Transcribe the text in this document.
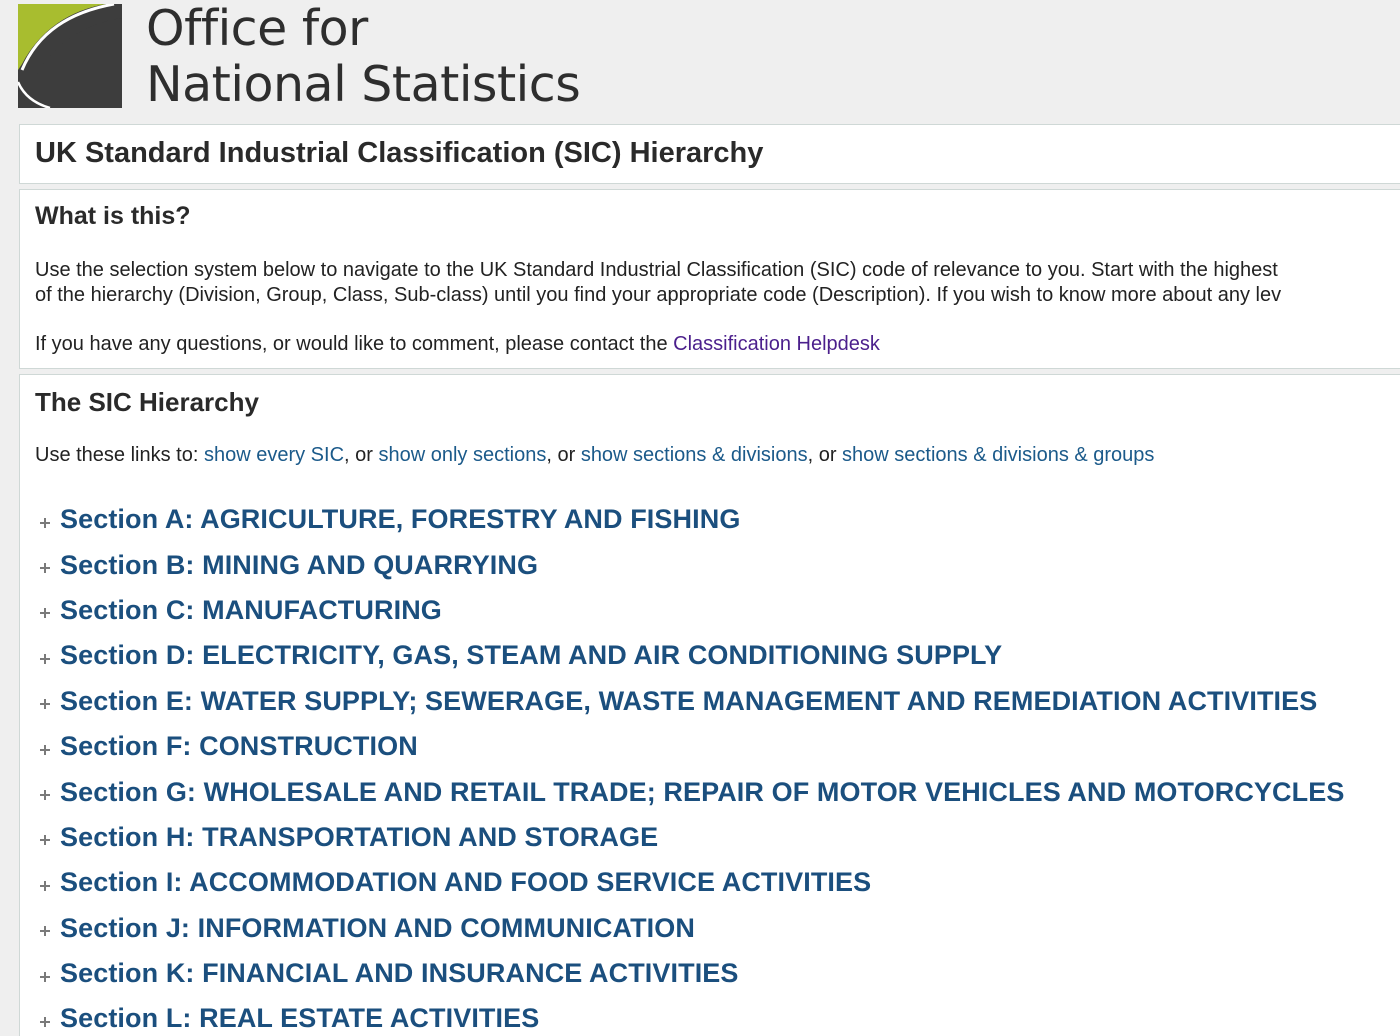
Office for
National Statistics
UK Standard Industrial Classification (SIC) Hierarchy
What is this?

Use the selection system below to navigate to the UK Standard Industrial Classification (SIC) code of relevance to you. Start with the highest

of the hierarchy (Division, Group, Class, Sub-class) until you find your appropriate code (Description). If you wish to know more about any lev

If you have any questions, or would like to comment, please contact the Classification Helpdesk
The SIC Hierarchy
Use these links to: show every SIC, or show only sections, or show sections & divisions, or show sections & divisions & groups
Section A: AGRICULTURE, FORESTRY AND FISHING
Section B: MINING AND QUARRYING
Section C: MANUFACTURING
Section D: ELECTRICITY, GAS, STEAM AND AIR CONDITIONING SUPPLY
Section E: WATER SUPPLY; SEWERAGE, WASTE MANAGEMENT AND REMEDIATION ACTIVITIES
Section F: CONSTRUCTION
Section G: WHOLESALE AND RETAIL TRADE; REPAIR OF MOTOR VEHICLES AND MOTORCYCLES
Section H: TRANSPORTATION AND STORAGE
Section I: ACCOMMODATION AND FOOD SERVICE ACTIVITIES
Section J: INFORMATION AND COMMUNICATION
Section K: FINANCIAL AND INSURANCE ACTIVITIES
Section L: REAL ESTATE ACTIVITIES
